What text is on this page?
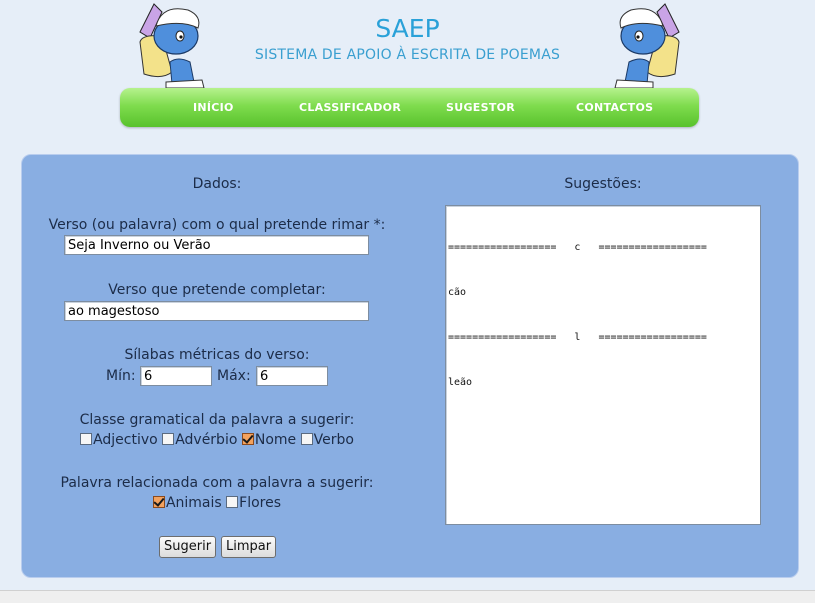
SAEP
SISTEMA DE APOIO À ESCRITA DE POEMAS
INÍCIO	CLASSIFICADOR	SUGESTOR	CONTACTOS
Dados:
Verso (ou palavra) com o qual pretende rimar *:
Seja Inverno ou Verão
Verso que pretende completar:
ao magestoso
Sílabas métricas do verso:
Mín:
6	Máx:
6
Classe gramatical da palavra a sugerir:
Adjectivo Advérbio Nome Verbo
Palavra relacionada com a palavra a sugerir:
Animais Flores
Sugerir	Limpar
Sugestões:

==================   c   ==================

cão

==================   l   ==================

leão
